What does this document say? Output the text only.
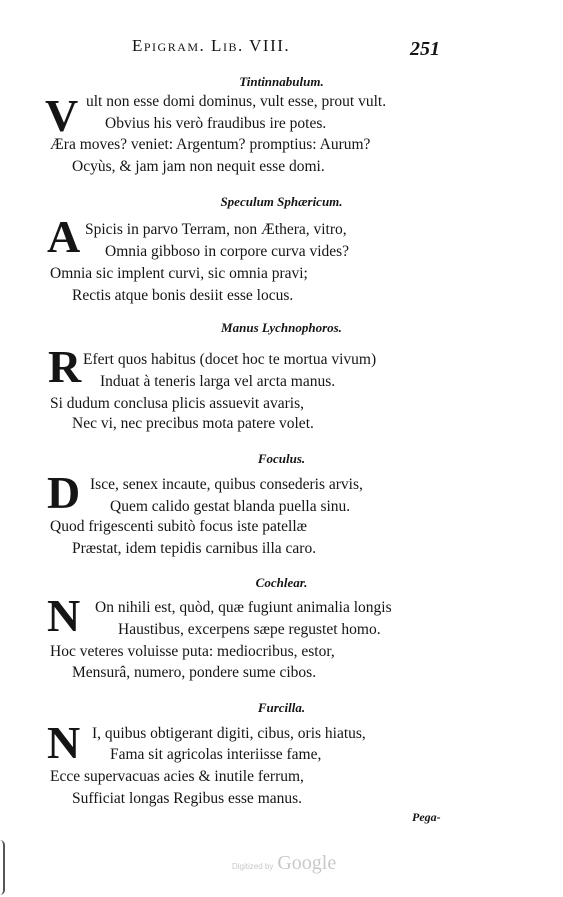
Epigram. Lib. VIII.	251
Tintinnabulum.
V ult non esse domi dominus, vult esse, prout vult.
Obvius his verò fraudibus ire potes.
Æra moves? veniet: Argentum? promptius: Aurum?
Ocyùs, & jam jam non nequit esse domi.
Speculum Sphæricum.
A Spicis in parvo Terram, non Æthera, vitro,
Omnia gibboso in corpore curva vides?
Omnia sic implent curvi, sic omnia pravi;
Rectis atque bonis desiit esse locus.
Manus Lychnophoros.
R Efert quos habitus (docet hoc te mortua vivum)
Induat à teneris larga vel arcta manus.
Si dudum conclusa plicis assuevit avaris,
Nec vi, nec precibus mota patere volet.
Foculus.
D Isce, senex incaute, quibus consederis arvis,
Quem calido gestat blanda puella sinu.
Quod frigescenti subitò focus iste patellæ
Præstat, idem tepidis carnibus illa caro.
Cochlear.
N On nihili est, quòd, quæ fugiunt animalia longis
Haustibus, excerpens sæpe regustet homo.
Hoc veteres voluisse puta: mediocribus, estor,
Mensurâ, numero, pondere sume cibos.
Furcilla.
N I, quibus obtigerant digiti, cibus, oris hiatus,
Fama sit agricolas interiisse fame,
Ecce supervacuas acies & inutile ferrum,
Sufficiat longas Regibus esse manus.
Pega-
Digitized by Google
